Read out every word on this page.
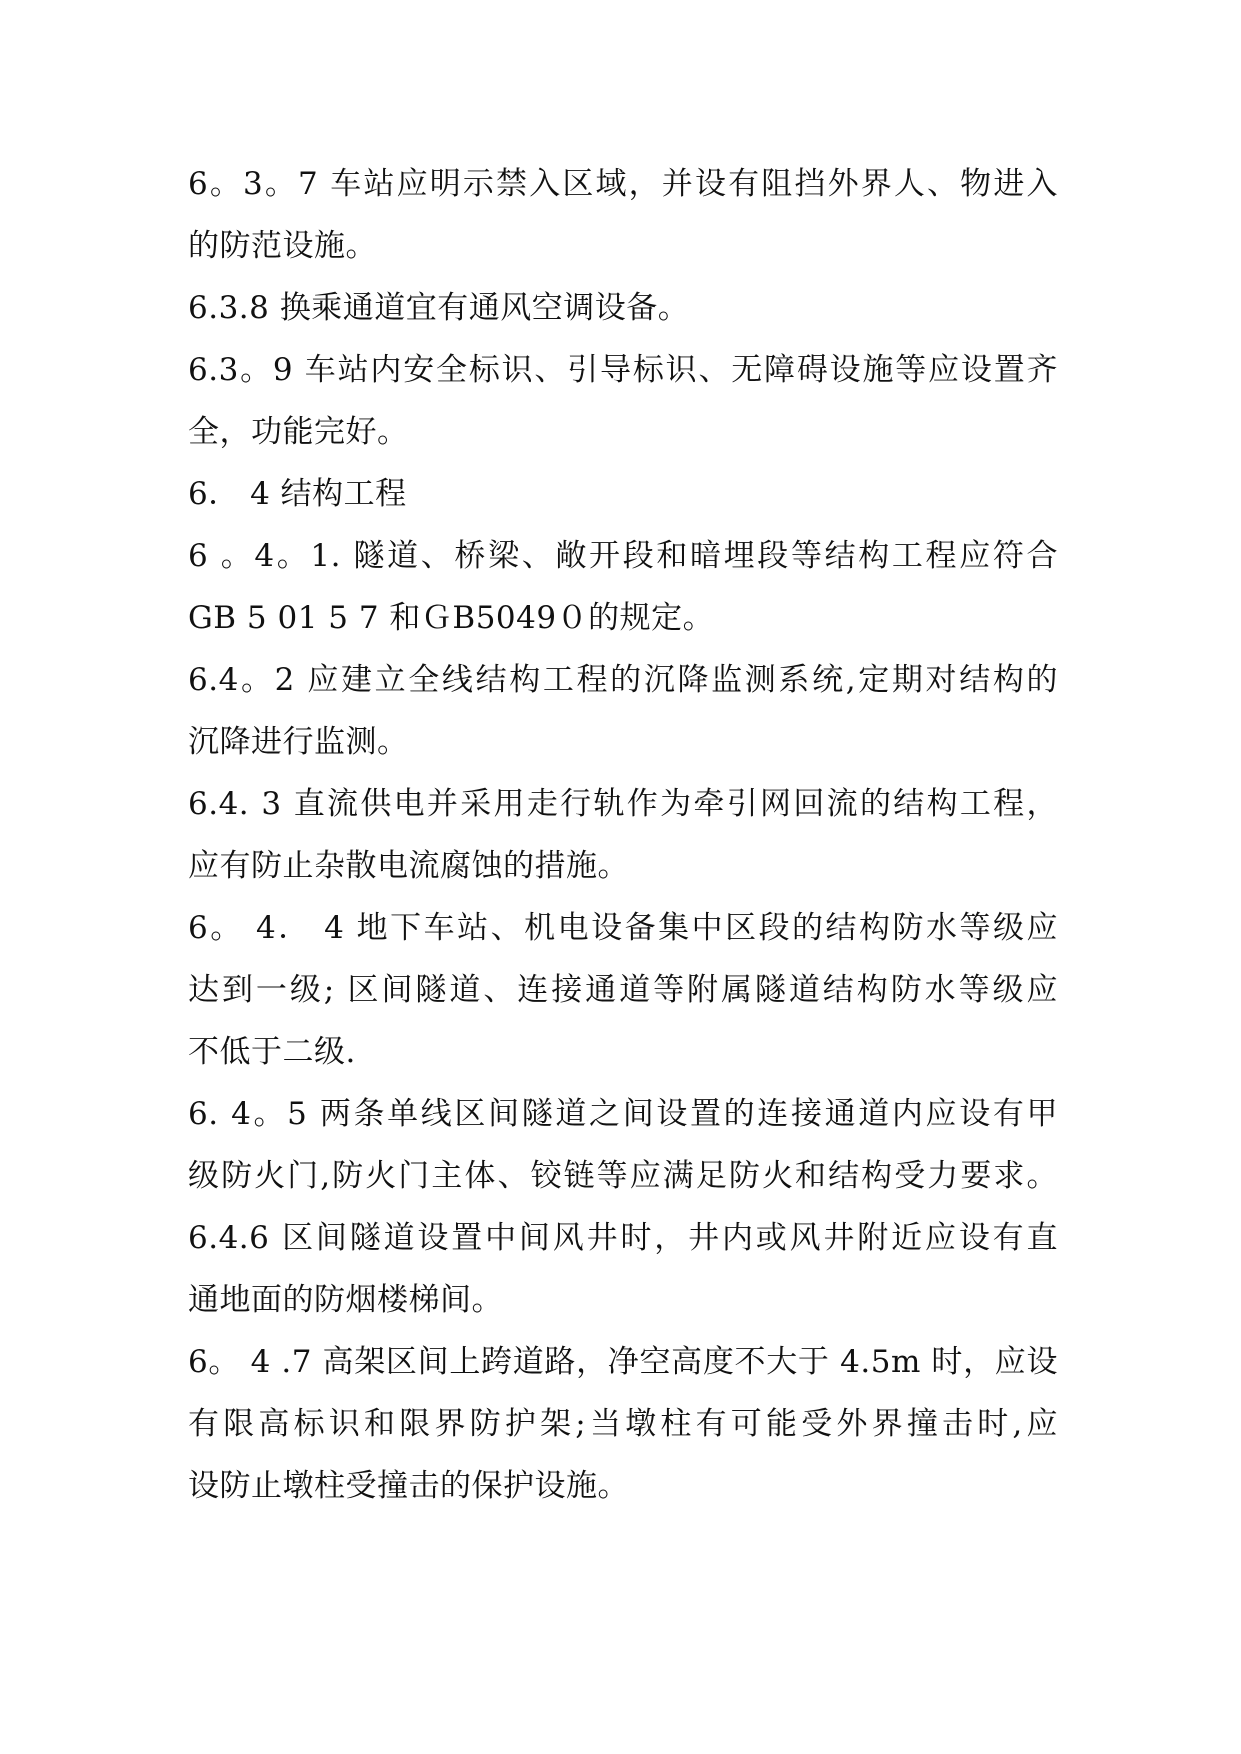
6。3。7 车站应明示禁入区域，并设有阻挡外界人、物进入
的防范设施。
6.3.8 换乘通道宜有通风空调设备。
6.3。9 车站内安全标识、引导标识、无障碍设施等应设置齐
全，功能完好。
6． 4 结构工程
6 。4。1. 隧道、桥梁、敞开段和暗埋段等结构工程应符合
GB 5 01 5 7 和ＧB5049０的规定。
6.4。2 应建立全线结构工程的沉降监测系统,定期对结构的
沉降进行监测。
6.4. 3 直流供电并采用走行轨作为牵引网回流的结构工程，
应有防止杂散电流腐蚀的措施。
6。 4． 4 地下车站、机电设备集中区段的结构防水等级应
达到一级; 区间隧道、连接通道等附属隧道结构防水等级应
不低于二级.
6. 4。5 两条单线区间隧道之间设置的连接通道内应设有甲
级防火门,防火门主体、铰链等应满足防火和结构受力要求。
6.4.6 区间隧道设置中间风井时，井内或风井附近应设有直
通地面的防烟楼梯间。
6。 4 .7 高架区间上跨道路，净空高度不大于 4.5m 时，应设
有限高标识和限界防护架;当墩柱有可能受外界撞击时,应
设防止墩柱受撞击的保护设施。
